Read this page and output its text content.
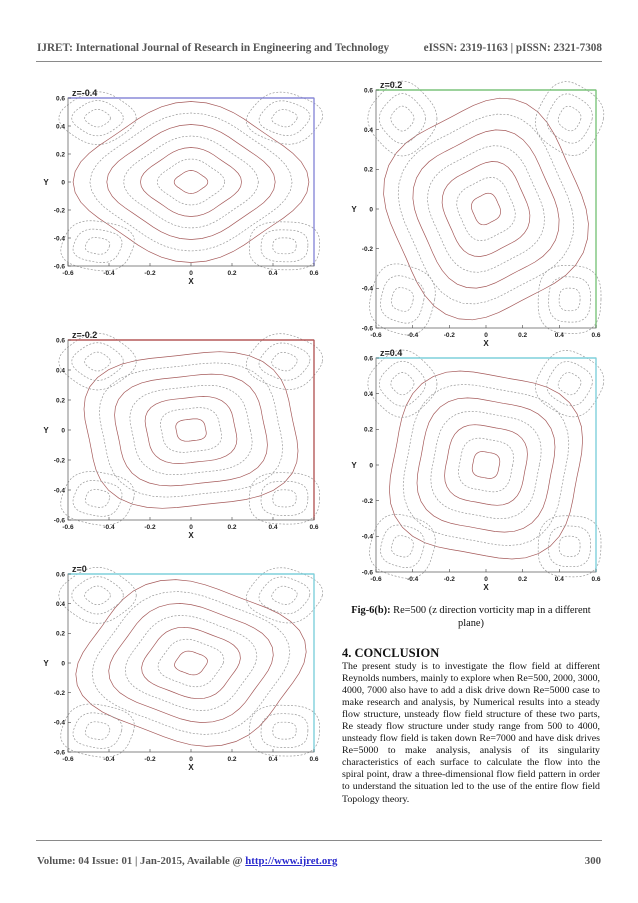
IJRET: International Journal of Research in Engineering and Technology	eISSN: 2319-1163 | pISSN: 2321-7308
z=-0.4
-0.6	-0.4	-0.2	0	0.2	0.4	0.6
0.6
0.4
0.2
0
-0.2
-0.4
-0.6
X
Y
z=-0.2
-0.6	-0.4	-0.2	0	0.2	0.4	0.6
0.6
0.4
0.2
0
-0.2
-0.4
-0.6
X
Y
z=0
-0.6	-0.4	-0.2	0	0.2	0.4	0.6
0.6
0.4
0.2
0
-0.2
-0.4
-0.6
X
Y
z=0.2
-0.6	-0.4	-0.2	0	0.2	0.4	0.6
0.6
0.4
0.2
0
-0.2
-0.4
-0.6
X
Y
z=0.4
-0.6	-0.4	-0.2	0	0.2	0.4	0.6
0.6
0.4
0.2
0
-0.2
-0.4
-0.6
X
Y
Fig-6(b): Re=500 (z direction vorticity map in a different plane)
4. CONCLUSION
The present study is to investigate the flow field at different Reynolds numbers, mainly to explore when Re=500, 2000, 3000, 4000, 7000 also have to add a disk drive down Re=5000 case to make research and analysis, by Numerical results into a steady flow structure, unsteady flow field structure of these two parts, Re steady flow structure under study range from 500 to 4000, unsteady flow field is taken down Re=7000 and have disk drives Re=5000 to make analysis, analysis of its singularity characteristics of each surface to calculate the flow into the spiral point, draw a three-dimensional flow field pattern in order to understand the situation led to the use of the entire flow field Topology theory.
Volume: 04 Issue: 01 | Jan-2015, Available @ http://www.ijret.org	300
